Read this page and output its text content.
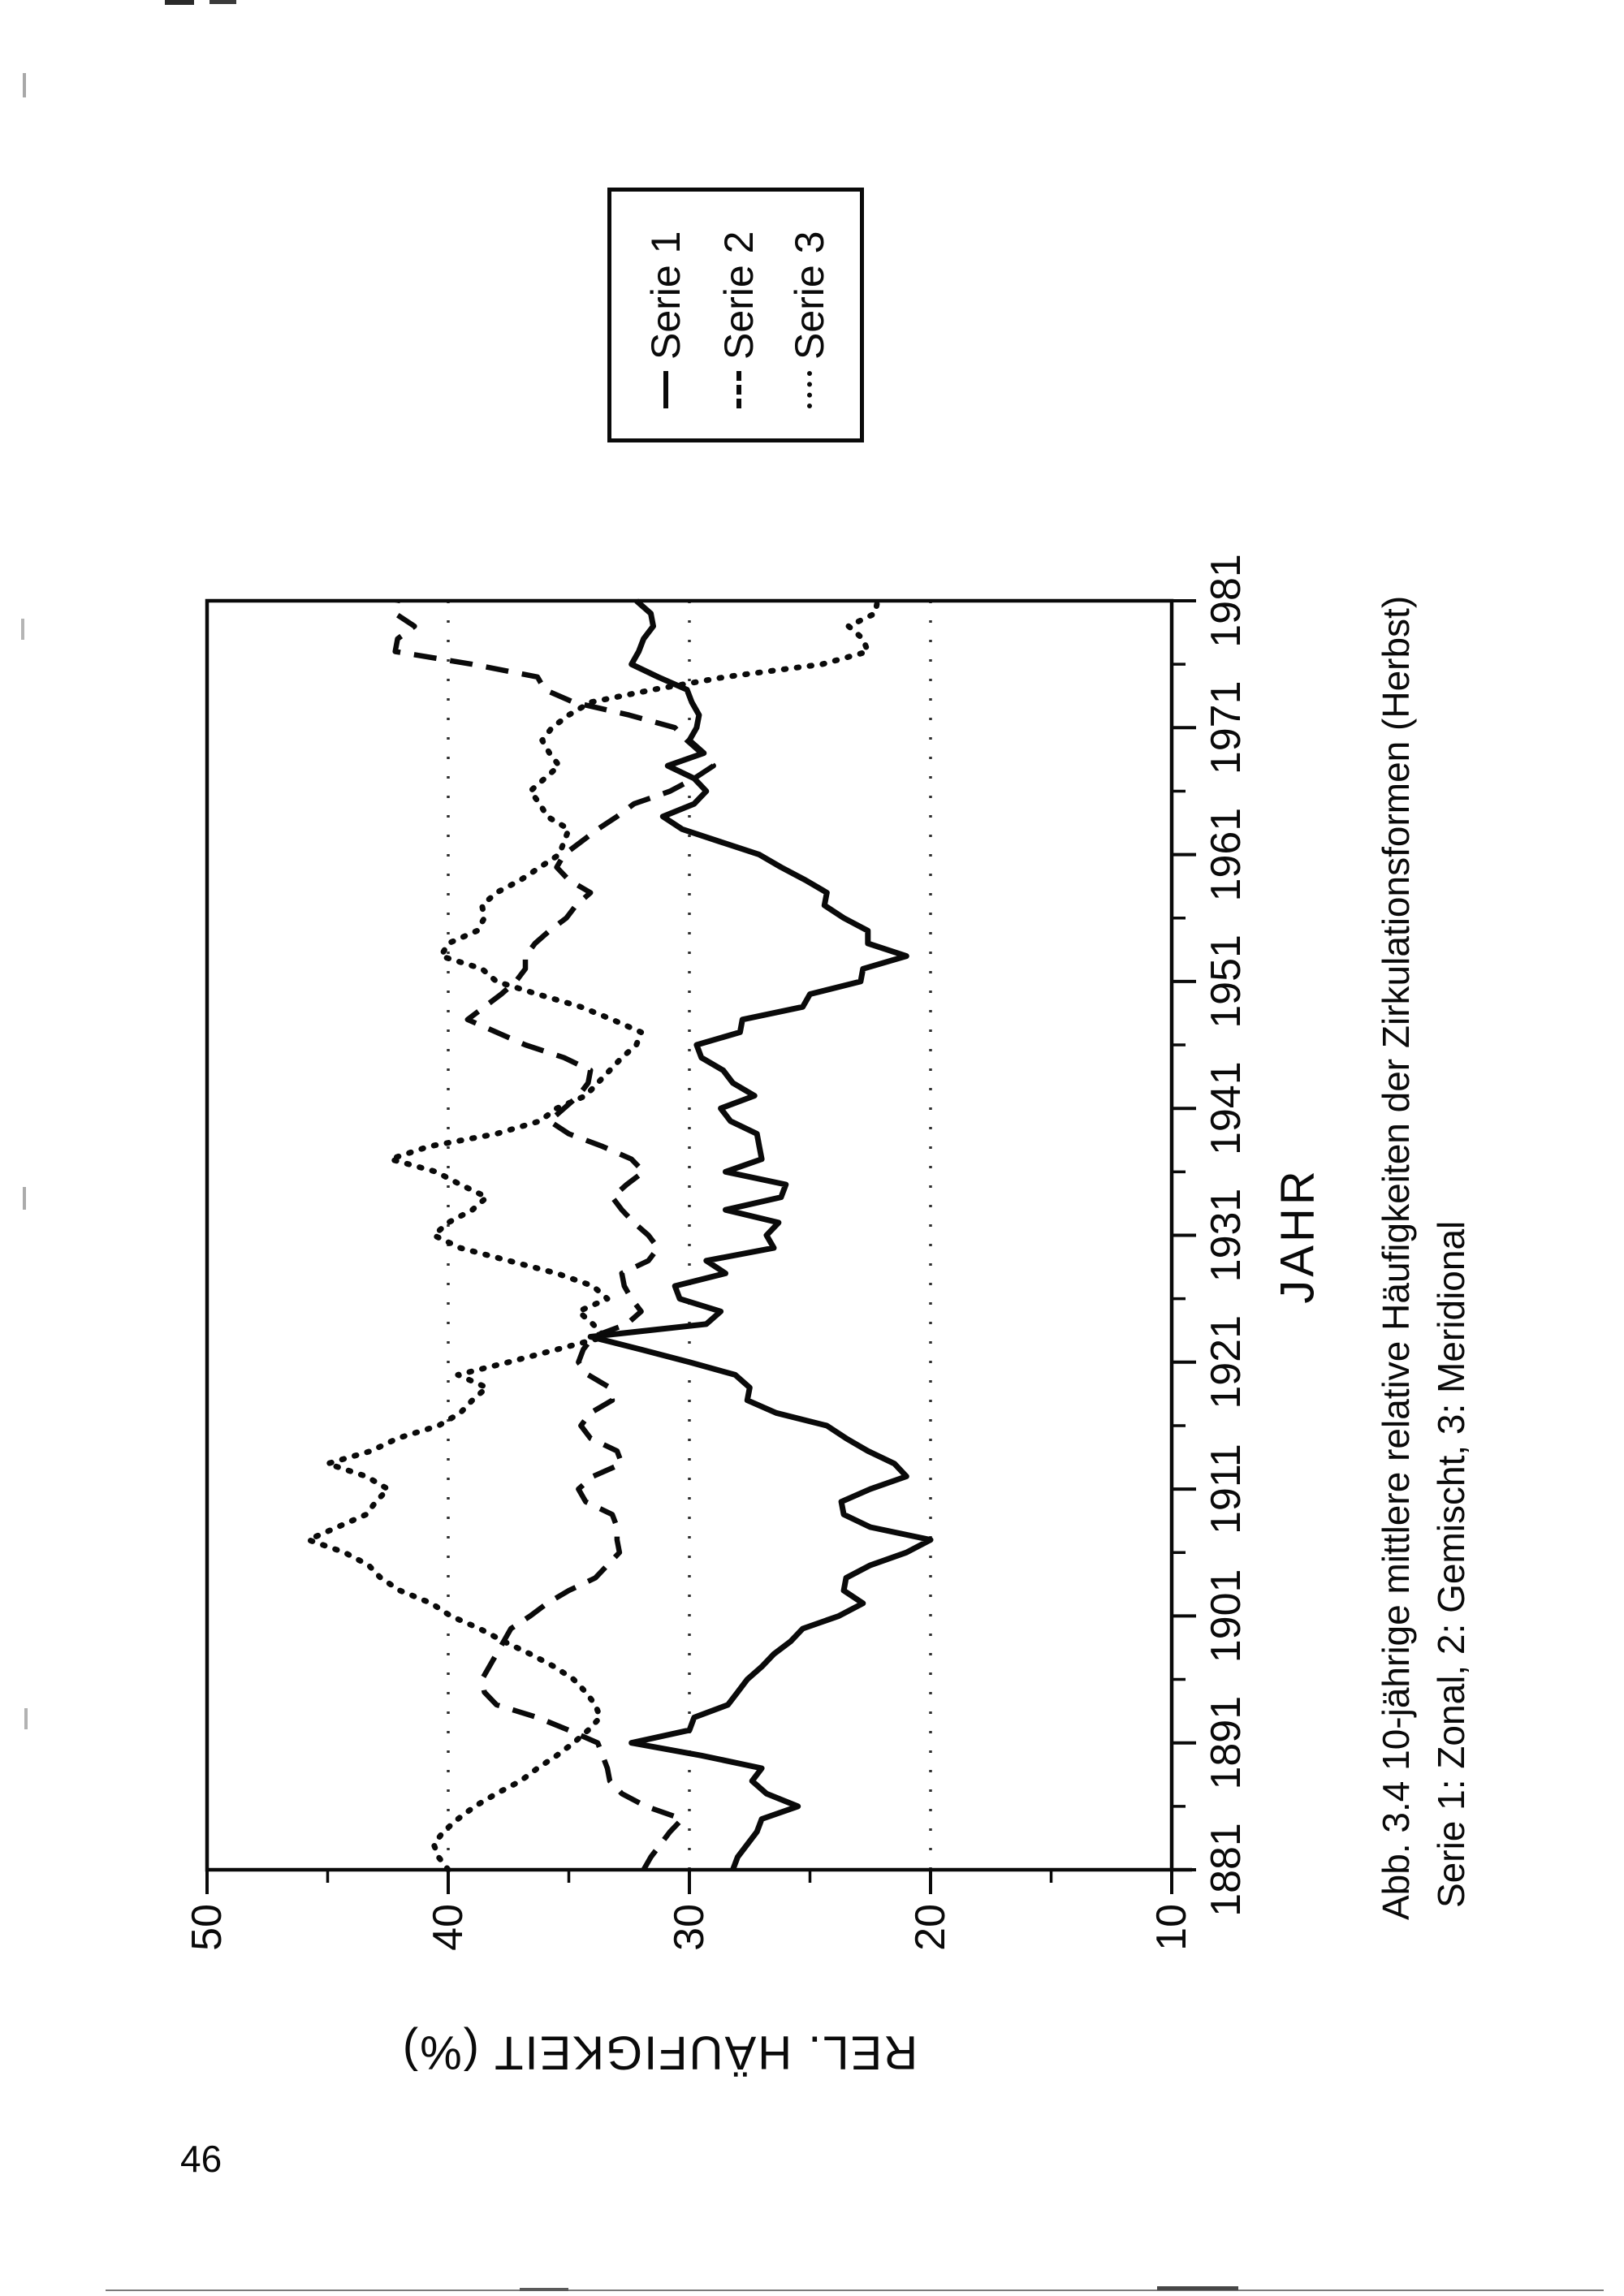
50	40	30	20	10
1881
1891
1901
1911
1921
1931
1941
1951
1961
1971
1981
REL. HÄUFIGKEIT (%)
JAHR Abb. 3.4 10-jährige mittlere relative Häufigkeiten der Zirkulationsformen (Herbst) Serie 1: Zonal, 2: Gemischt, 3: Meridional
Serie 1 Serie 2 Serie 3
46
